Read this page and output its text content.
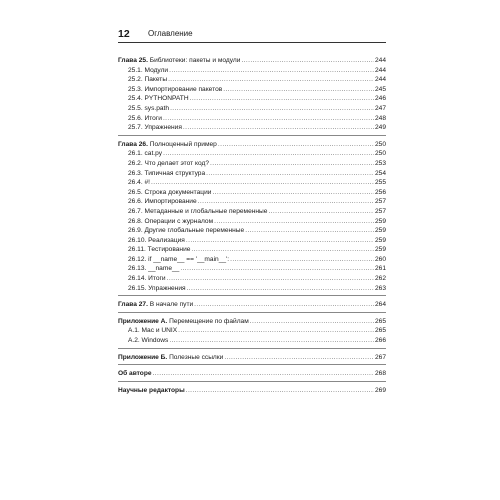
12 Оглавление
Глава 25. Библиотеки: пакеты и модули .....	244
25.1. Модули .....	244
25.2. Пакеты .....	244
25.3. Импортирование пакетов .....	245
25.4. PYTHONPATH .....	246
25.5. sys.path .....	247
25.6. Итоги .....	248
25.7. Упражнения .....	249
Глава 26. Полноценный пример .....	250
26.1. cat.py .....	250
26.2. Что делает этот код? .....	253
26.3. Типичная структура .....	254
26.4. #! .....	255
26.5. Строка документации .....	256
26.6. Импортирование .....	257
26.7. Метаданные и глобальные переменные .....	257
26.8. Операции с журналом .....	259
26.9. Другие глобальные переменные .....	259
26.10. Реализация .....	259
26.11. Тестирование .....	259
26.12. if __name__ == '__main__': .....	260
26.13. __name__ .....	261
26.14. Итоги .....	262
26.15. Упражнения .....	263
Глава 27. В начале пути .....	264
Приложение А. Перемещение по файлам .....	265
А.1. Mac и UNIX .....	265
А.2. Windows .....	266
Приложение Б. Полезные ссылки .....	267
Об авторе .....	268
Научные редакторы .....	269
